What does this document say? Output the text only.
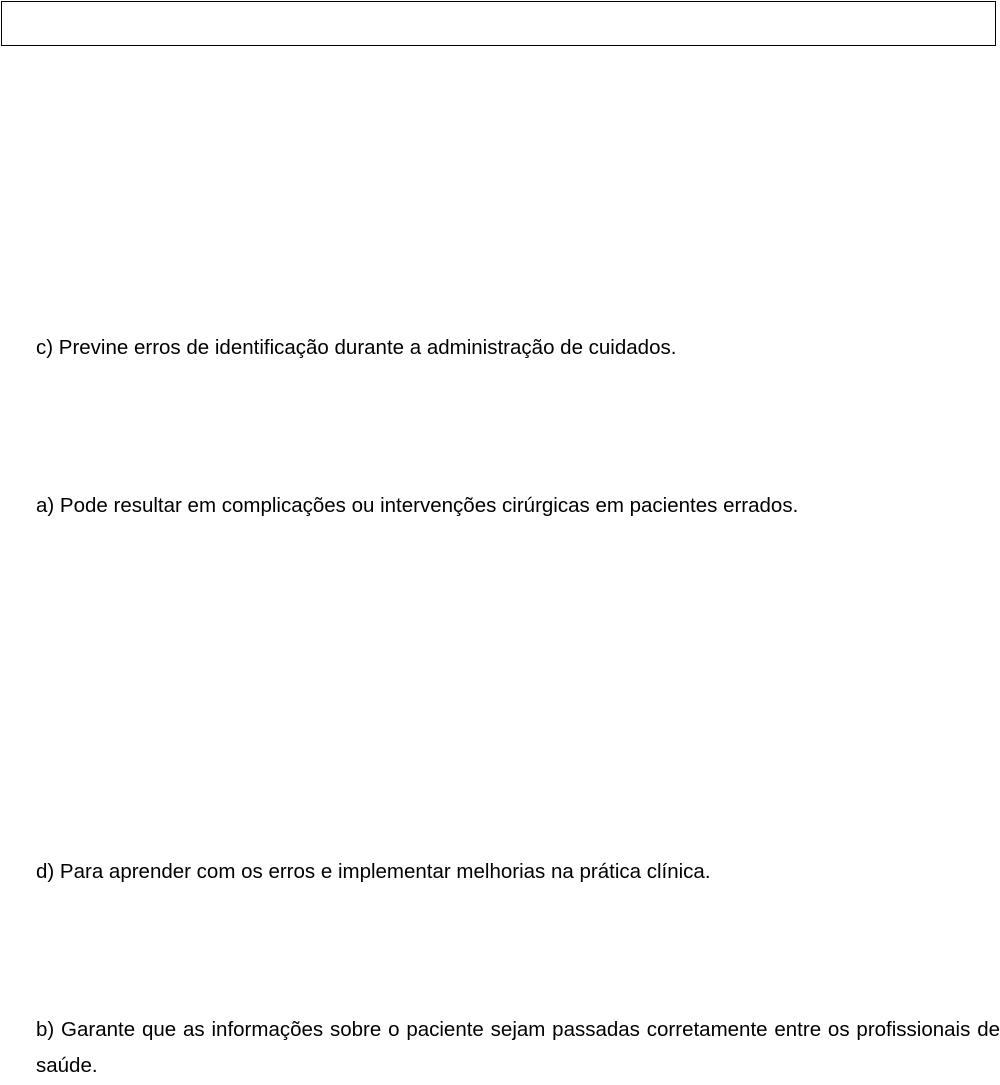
c) Previne erros de identificação durante a administração de cuidados.

a) Pode resultar em complicações ou intervenções cirúrgicas em pacientes errados.

d) Para aprender com os erros e implementar melhorias na prática clínica.

b) Garante que as informações sobre o paciente sejam passadas corretamente entre os profissionais de saúde.
